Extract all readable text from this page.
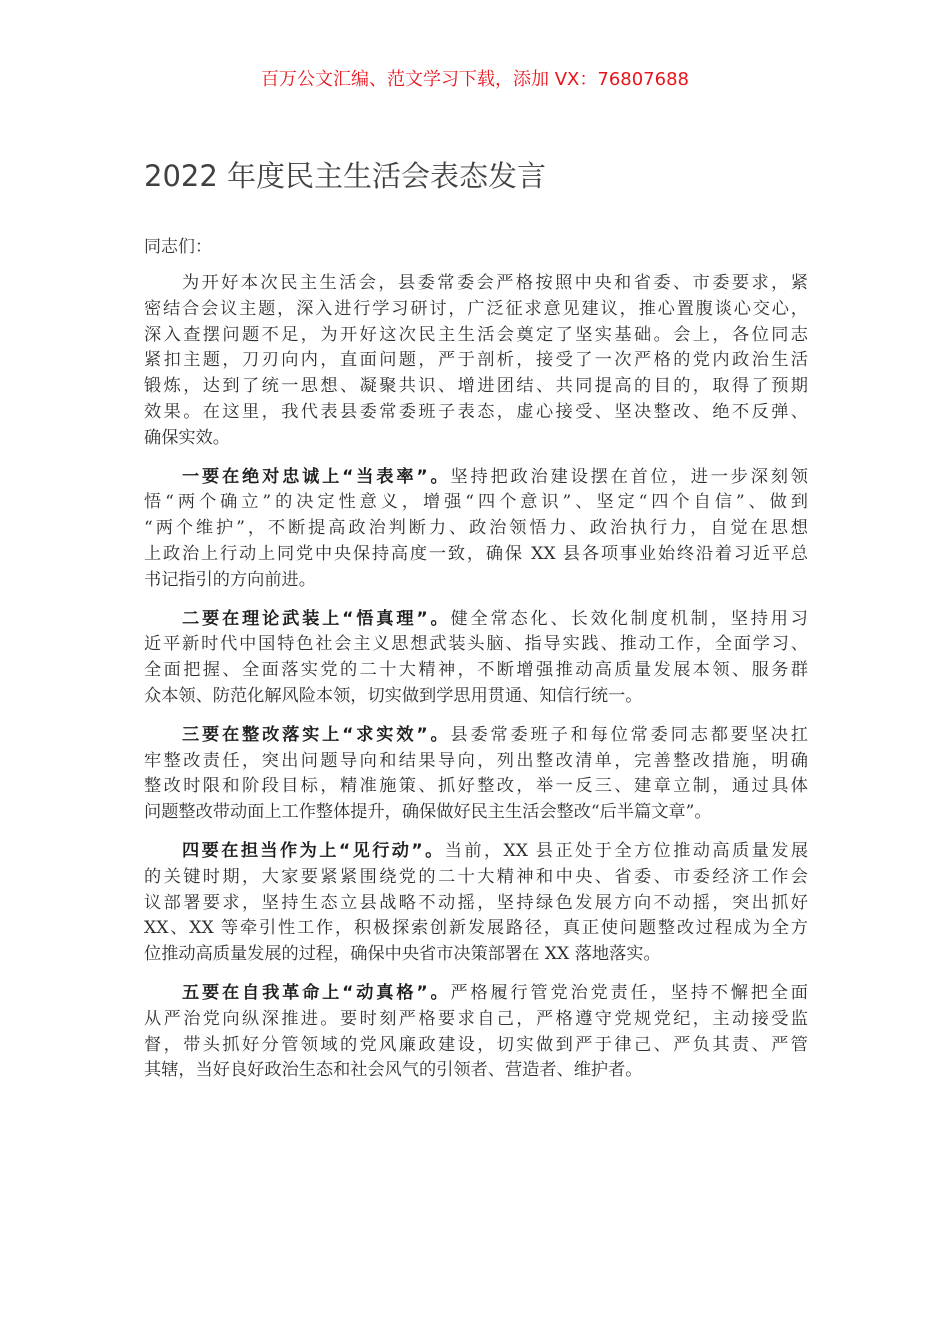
百万公文汇编、范文学习下载，添加 VX：76807688
2022 年度民主生活会表态发言
同志们：
为开好本次民主生活会，县委常委会严格按照中央和省委、市委要求，紧
密结合会议主题，深入进行学习研讨，广泛征求意见建议，推心置腹谈心交心，
深入查摆问题不足，为开好这次民主生活会奠定了坚实基础。会上，各位同志
紧扣主题，刀刃向内，直面问题，严于剖析，接受了一次严格的党内政治生活
锻炼，达到了统一思想、凝聚共识、增进团结、共同提高的目的，取得了预期
效果。在这里，我代表县委常委班子表态，虚心接受、坚决整改、绝不反弹、
确保实效。
一要在绝对忠诚上“当表率”。坚持把政治建设摆在首位，进一步深刻领
悟“两个确立”的决定性意义，增强“四个意识”、坚定“四个自信”、做到
“两个维护”，不断提高政治判断力、政治领悟力、政治执行力，自觉在思想
上政治上行动上同党中央保持高度一致，确保 XX 县各项事业始终沿着习近平总
书记指引的方向前进。
二要在理论武装上“悟真理”。健全常态化、长效化制度机制，坚持用习
近平新时代中国特色社会主义思想武装头脑、指导实践、推动工作，全面学习、
全面把握、全面落实党的二十大精神，不断增强推动高质量发展本领、服务群
众本领、防范化解风险本领，切实做到学思用贯通、知信行统一。
三要在整改落实上“求实效”。县委常委班子和每位常委同志都要坚决扛
牢整改责任，突出问题导向和结果导向，列出整改清单，完善整改措施，明确
整改时限和阶段目标，精准施策、抓好整改，举一反三、建章立制，通过具体
问题整改带动面上工作整体提升，确保做好民主生活会整改“后半篇文章”。
四要在担当作为上“见行动”。当前，XX 县正处于全方位推动高质量发展
的关键时期，大家要紧紧围绕党的二十大精神和中央、省委、市委经济工作会
议部署要求，坚持生态立县战略不动摇，坚持绿色发展方向不动摇，突出抓好
XX、XX 等牵引性工作，积极探索创新发展路径，真正使问题整改过程成为全方
位推动高质量发展的过程，确保中央省市决策部署在 XX 落地落实。
五要在自我革命上“动真格”。严格履行管党治党责任，坚持不懈把全面
从严治党向纵深推进。要时刻严格要求自己，严格遵守党规党纪，主动接受监
督，带头抓好分管领域的党风廉政建设，切实做到严于律己、严负其责、严管
其辖，当好良好政治生态和社会风气的引领者、营造者、维护者。
